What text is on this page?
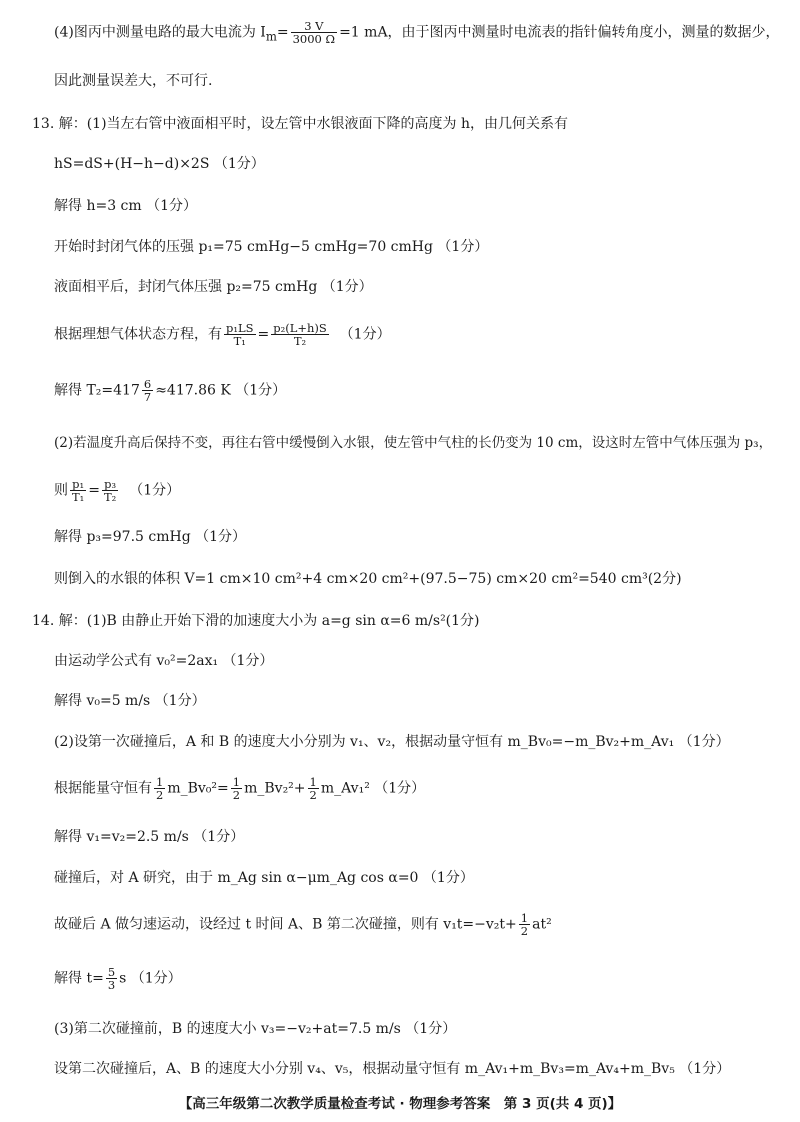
(4)图丙中测量电路的最大电流为 $I_m= \frac{3 V}{3000 \Omega} =1$ mA，由于图丙中测量时电流表的指针偏转角度小，测量的数据少，
因此测量误差大，不可行.
13. 解：(1)当左右管中液面相平时，设左管中水银液面下降的高度为 h，由几何关系有
hS=dS+(H−h−d)×2S （1分）
解得 h=3 cm （1分）
开始时封闭气体的压强 p₁=75 cmHg−5 cmHg=70 cmHg （1分）
液面相平后，封闭气体压强 p₂=75 cmHg （1分）
根据理想气体状态方程，有 $\frac{\text{p₁LS}}{\text{T₁}} = \frac{\text{p₂(L+h)S}}{\text{T₂}} (1$分）
解得 $T_2=417 \frac{6}{7} \approx 417.86$ K （1分）
(2)若温度升高后保持不变，再往右管中缓慢倒入水银，使左管中气柱的长仍变为 10 cm，设这时左管中气体压强为 p₃，
则 $\frac{\text{p₁}}{\text{T₁}} = \frac{\text{p₃}}{\text{T₂}} (1$分）
解得 p₃=97.5 cmHg （1分）
则倒入的水银的体积 V=1 cm×10 cm²+4 cm×20 cm²+(97.5−75) cm×20 cm²=540 cm³(2分)
14. 解：(1)B 由静止开始下滑的加速度大小为 a=g sin α=6 m/s²(1分)
由运动学公式有 v₀²=2ax₁ （1分）
解得 v₀=5 m/s （1分）
(2)设第一次碰撞后，A 和 B 的速度大小分别为 v₁、v₂，根据动量守恒有 m_Bv₀=−m_Bv₂+m_Av₁ （1分）
根据能量守恒有 $\frac{1}{2}$ m_Bv₀²= $\frac{1}{2}$ m_Bv₂²+ $\frac{1}{2}$ m_Av₁² （1分）
解得 v₁=v₂=2.5 m/s （1分）
碰撞后，对 A 研究，由于 m_Ag sin α−μm_Ag cos α=0 （1分）
故碰后 A 做匀速运动，设经过 t 时间 A、B 第二次碰撞，则有 $v_1t=-v_2t+ \frac{1}{2} at^2$
解得 $t= \frac{5}{3}$ s （1分）
(3)第二次碰撞前，B 的速度大小 v₃=−v₂+at=7.5 m/s （1分）
设第二次碰撞后，A、B 的速度大小分别 v₄、v₅，根据动量守恒有 m_Av₁+m_Bv₃=m_Av₄+m_Bv₅ （1分）
【高三年级第二次教学质量检查考试 · 物理参考答案　第 3 页(共 4 页)】
